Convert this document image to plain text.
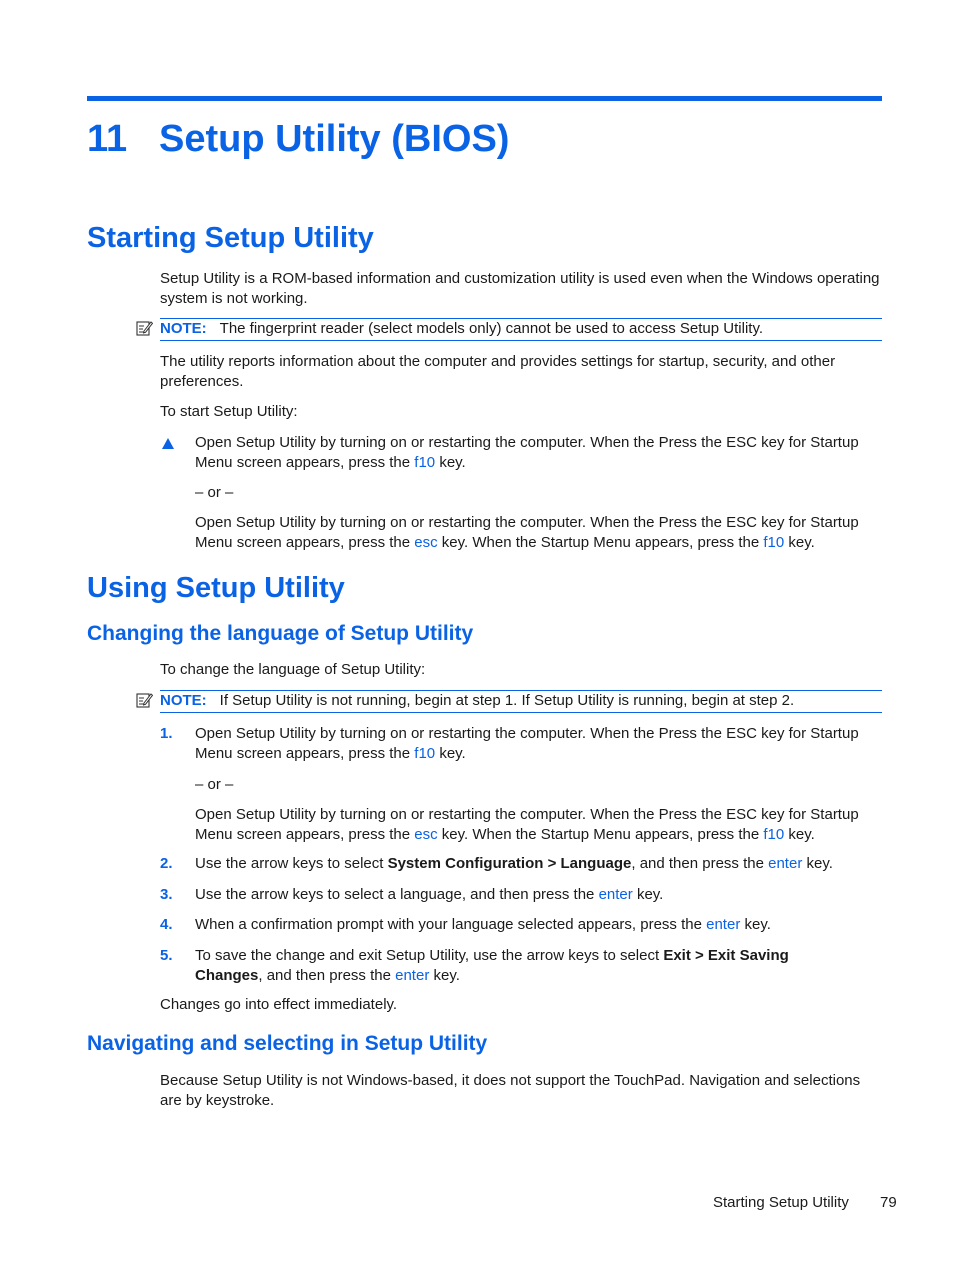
11 Setup Utility (BIOS)
Starting Setup Utility
Setup Utility is a ROM-based information and customization utility is used even when the Windows operating system is not working.
NOTE: The fingerprint reader (select models only) cannot be used to access Setup Utility.
The utility reports information about the computer and provides settings for startup, security, and other preferences.
To start Setup Utility:
Open Setup Utility by turning on or restarting the computer. When the Press the ESC key for Startup Menu screen appears, press the f10 key.
– or –
Open Setup Utility by turning on or restarting the computer. When the Press the ESC key for Startup Menu screen appears, press the esc key. When the Startup Menu appears, press the f10 key.
Using Setup Utility
Changing the language of Setup Utility
To change the language of Setup Utility:
NOTE: If Setup Utility is not running, begin at step 1. If Setup Utility is running, begin at step 2.
1. Open Setup Utility by turning on or restarting the computer. When the Press the ESC key for Startup Menu screen appears, press the f10 key.
– or –
Open Setup Utility by turning on or restarting the computer. When the Press the ESC key for Startup Menu screen appears, press the esc key. When the Startup Menu appears, press the f10 key.
2. Use the arrow keys to select System Configuration > Language, and then press the enter key.
3. Use the arrow keys to select a language, and then press the enter key.
4. When a confirmation prompt with your language selected appears, press the enter key.
5. To save the change and exit Setup Utility, use the arrow keys to select Exit > Exit Saving Changes, and then press the enter key.
Changes go into effect immediately.
Navigating and selecting in Setup Utility
Because Setup Utility is not Windows-based, it does not support the TouchPad. Navigation and selections are by keystroke.
Starting Setup Utility 79
